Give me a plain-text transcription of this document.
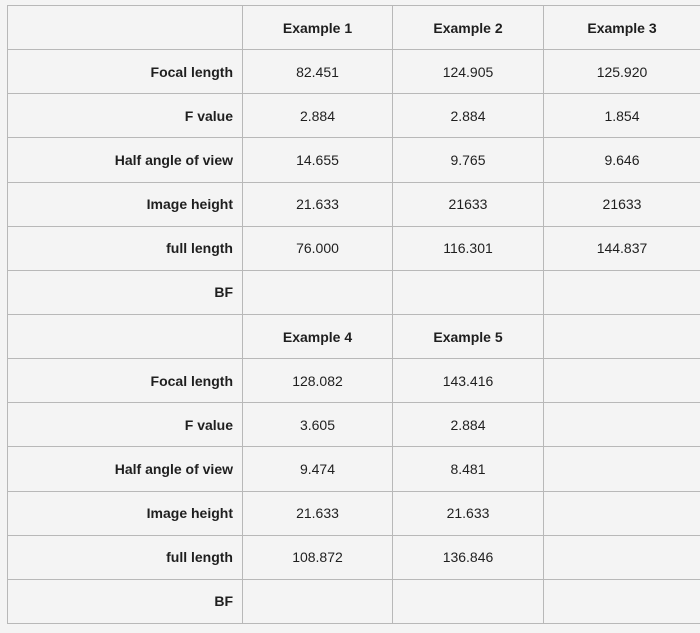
	Example 1	Example 2	Example 3
Focal length	82.451	124.905	125.920
F value	2.884	2.884	1.854
Half angle of view	14.655	9.765	9.646
Image height	21.633	21633	21633
full length	76.000	116.301	144.837
BF			
	Example 4	Example 5	
Focal length	128.082	143.416	
F value	3.605	2.884	
Half angle of view	9.474	8.481	
Image height	21.633	21.633	
full length	108.872	136.846	
BF			
